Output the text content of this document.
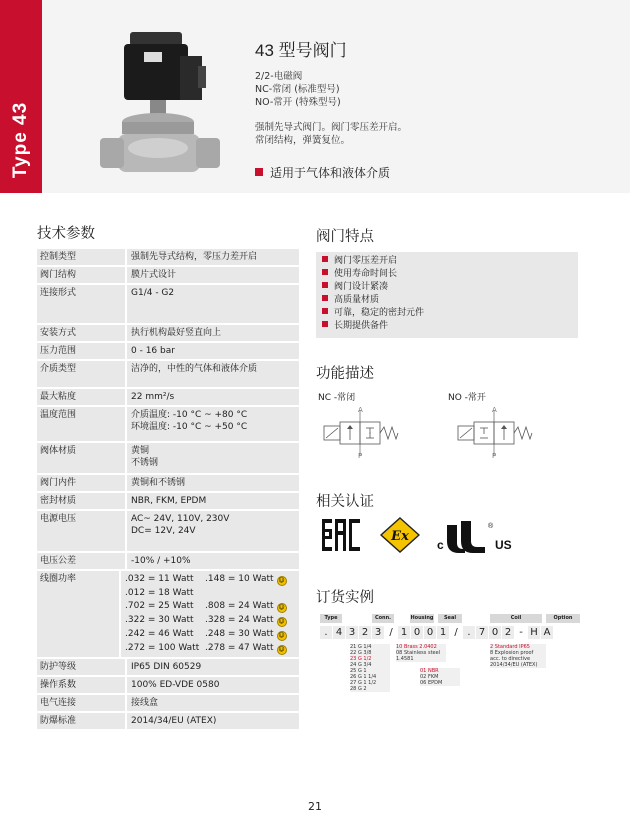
Type 43
43 型号阀门
2/2-电磁阀
NC-常闭 (标准型号)
NO-常开 (特殊型号)
强制先导式阀门。阀门零压差开启。
常闭结构，弹簧复位。
适用于气体和液体介质
技术参数
控制类型	强制先导式结构，零压力差开启
阀门结构	膜片式设计
连接形式	G1/4 - G2
安装方式	执行机构最好竖直向上
压力范围	0 - 16 bar
介质类型	洁净的，中性的气体和液体介质
最大粘度	22 mm²/s
温度范围	介质温度: -10 °C ~ +80 °C
环境温度: -10 °C ~ +50 °C
阀体材质	黄铜
不锈钢
阀门内件	黄铜和不锈钢
密封材质	NBR, FKM, EPDM
电源电压	AC~ 24V, 110V, 230V
DC= 12V, 24V
电压公差	-10% / +10%
线圈功率	.032 = 11 Watt	.148 = 10 Watt ☺
.012 = 18 Watt
.702 = 25 Watt	.808 = 24 Watt ☺
.322 = 30 Watt	.328 = 24 Watt ☺
.242 = 46 Watt	.248 = 30 Watt ☺
.272 = 100 Watt .278 = 47 Watt ☺
防护等级	IP65 DIN 60529
操作系数	100% ED-VDE 0580
电气连接	接线盒
防爆标准	2014/34/EU (ATEX)
阀门特点
阀门零压差开启
使用寿命时间长
阀门设计紧凑
高质量材质
可靠，稳定的密封元件
长期提供备件
功能描述
NC -常闭	NO -常开
A
P
A
P
相关认证
Ex
c
®
US
订货实例
Type	Conn.	Housing	Seal	Coil	Option
. 4 3 2 3 / 1 0 0 1 / . 7 0 2 - H A
21 G 1/4
22 G 3/8
23 G 1/2
24 G 3/4
25 G 1
26 G 1 1/4
27 G 1 1/2
28 G 2
10 Brass 2.0402
08 Stainless steel
1.4581
01 NBR
02 FKM
06 EPDM
2 Standard IP65
8 Explosion proof
acc. to directive
2014/34/EU (ATEX)
21
